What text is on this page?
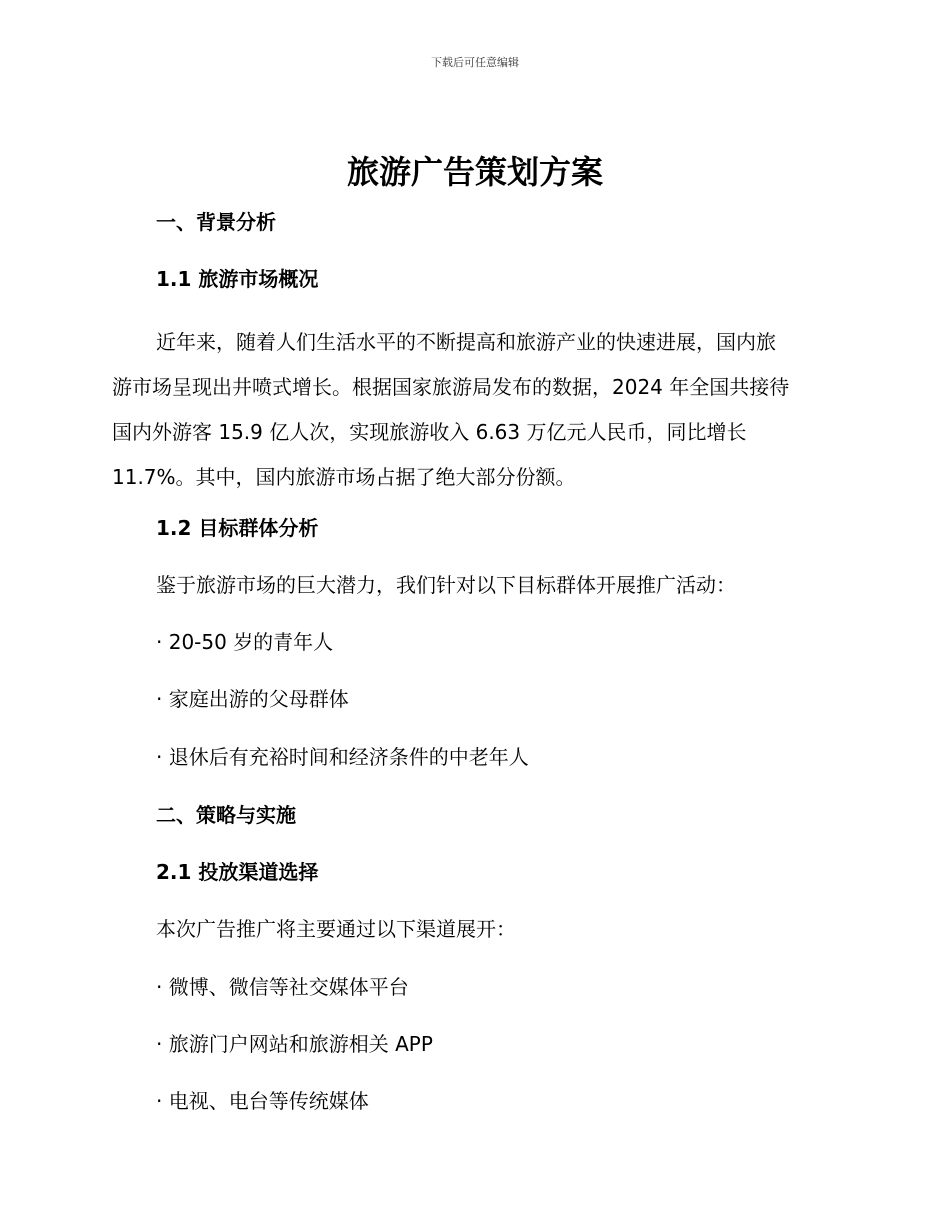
下载后可任意编辑
旅游广告策划方案
一、背景分析
1.1 旅游市场概况
近年来，随着人们生活水平的不断提高和旅游产业的快速进展，国内旅
游市场呈现出井喷式增长。根据国家旅游局发布的数据，2024 年全国共接待
国内外游客 15.9 亿人次，实现旅游收入 6.63 万亿元人民币，同比增长
11.7%。其中，国内旅游市场占据了绝大部分份额。
1.2 目标群体分析
鉴于旅游市场的巨大潜力，我们针对以下目标群体开展推广活动：
· 20-50 岁的青年人
· 家庭出游的父母群体
· 退休后有充裕时间和经济条件的中老年人
二、策略与实施
2.1 投放渠道选择
本次广告推广将主要通过以下渠道展开：
· 微博、微信等社交媒体平台
· 旅游门户网站和旅游相关 APP
· 电视、电台等传统媒体
